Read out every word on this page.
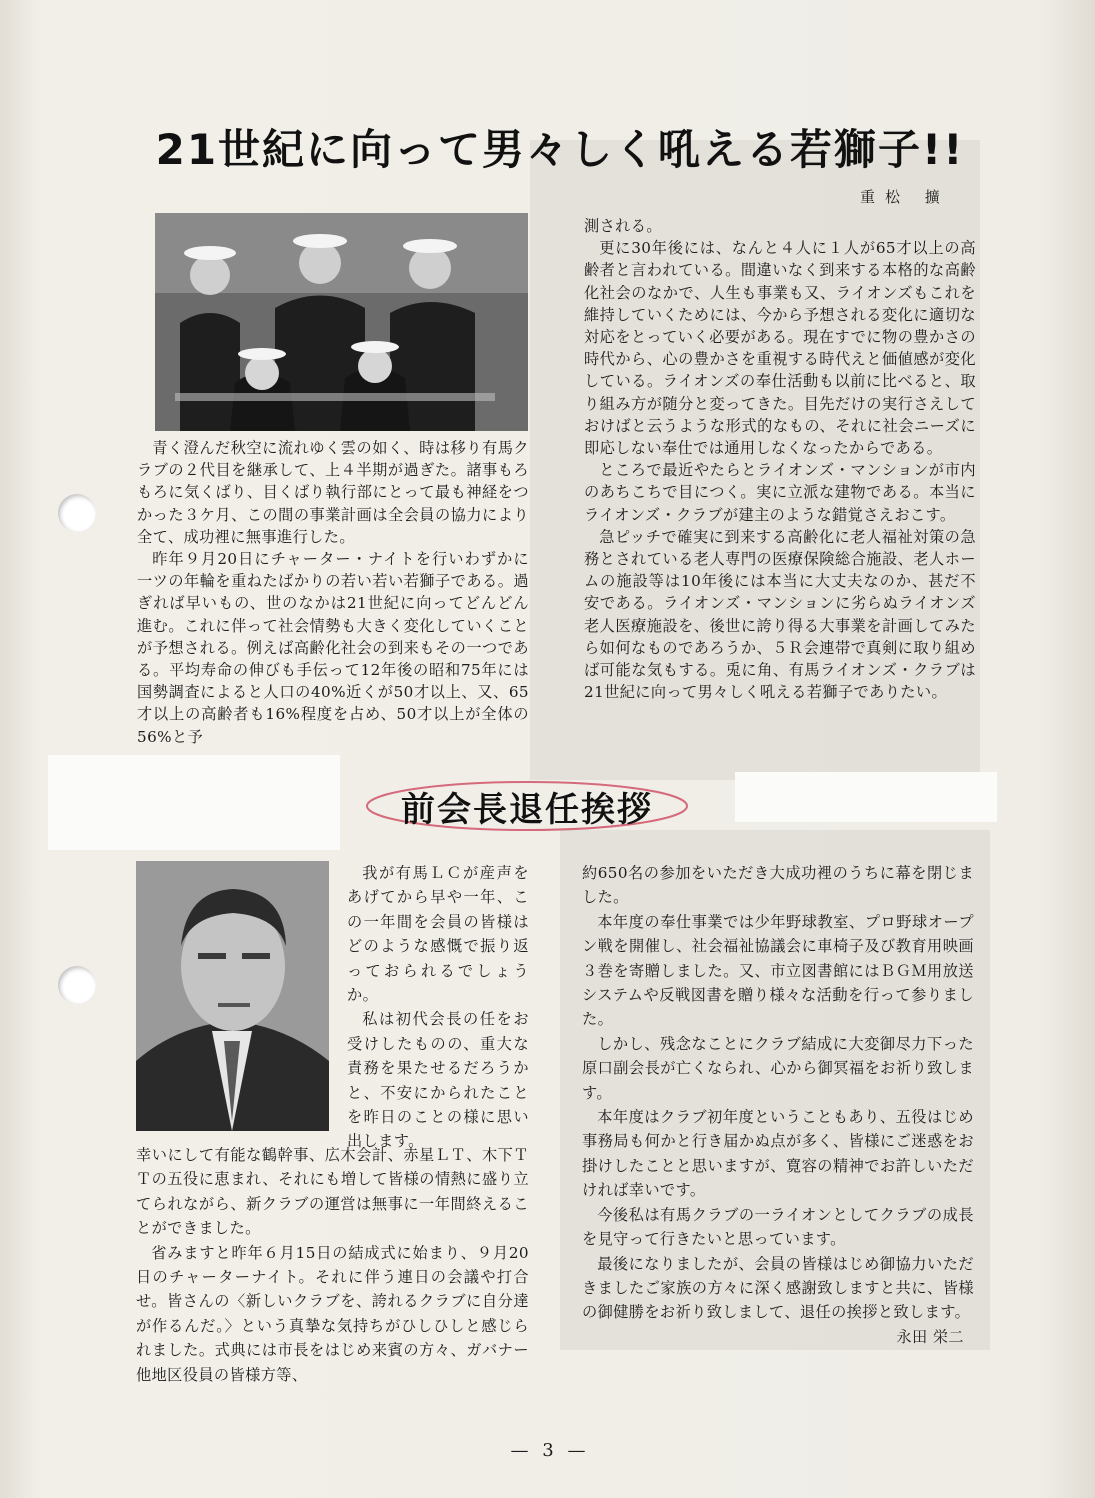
21世紀に向って男々しく吼える若獅子!!
重松 擴

青く澄んだ秋空に流れゆく雲の如く、時は移り有馬クラブの２代目を継承して、上４半期が過ぎた。諸事もろもろに気くばり、目くばり執行部にとって最も神経をつかった３ケ月、この間の事業計画は全会員の協力により全て、成功裡に無事進行した。

昨年９月20日にチャーター・ナイトを行いわずかに一ツの年輪を重ねたばかりの若い若い若獅子である。過ぎれば早いもの、世のなかは21世紀に向ってどんどん進む。これに伴って社会情勢も大きく変化していくことが予想される。例えば高齢化社会の到来もその一つである。平均寿命の伸びも手伝って12年後の昭和75年には国勢調査によると人口の40%近くが50才以上、又、65才以上の高齢者も16%程度を占め、50才以上が全体の56%と予

測される。

更に30年後には、なんと４人に１人が65才以上の高齢者と言われている。間違いなく到来する本格的な高齢化社会のなかで、人生も事業も又、ライオンズもこれを維持していくためには、今から予想される変化に適切な対応をとっていく必要がある。現在すでに物の豊かさの時代から、心の豊かさを重視する時代えと価値感が変化している。ライオンズの奉仕活動も以前に比べると、取り組み方が随分と変ってきた。目先だけの実行さえしておけばと云うような形式的なもの、それに社会ニーズに即応しない奉仕では通用しなくなったからである。

ところで最近やたらとライオンズ・マンションが市内のあちこちで目につく。実に立派な建物である。本当にライオンズ・クラブが建主のような錯覚さえおこす。

急ピッチで確実に到来する高齢化に老人福祉対策の急務とされている老人専門の医療保険総合施設、老人ホームの施設等は10年後には本当に大丈夫なのか、甚だ不安である。ライオンズ・マンションに劣らぬライオンズ老人医療施設を、後世に誇り得る大事業を計画してみたら如何なものであろうか、５Ｒ会連帯で真剣に取り組めば可能な気もする。兎に角、有馬ライオンズ・クラブは21世紀に向って男々しく吼える若獅子でありたい。

前会長退任挨拶

我が有馬ＬＣが産声をあげてから早や一年、この一年間を会員の皆様はどのような感慨で振り返っておられるでしょうか。

私は初代会長の任をお受けしたものの、重大な責務を果たせるだろうかと、不安にかられたことを昨日のことの様に思い出します。

幸いにして有能な鶴幹事、広木会計、赤星ＬＴ、木下ＴＴの五役に恵まれ、それにも増して皆様の情熱に盛り立てられながら、新クラブの運営は無事に一年間終えることができました。

省みますと昨年６月15日の結成式に始まり、９月20日のチャーターナイト。それに伴う連日の会議や打合せ。皆さんの〈新しいクラブを、誇れるクラブに自分達が作るんだ。〉という真摯な気持ちがひしひしと感じられました。式典には市長をはじめ来賓の方々、ガバナー他地区役員の皆様方等、

約650名の参加をいただき大成功裡のうちに幕を閉じました。

本年度の奉仕事業では少年野球教室、プロ野球オープン戦を開催し、社会福祉協議会に車椅子及び教育用映画３巻を寄贈しました。又、市立図書館にはＢＧＭ用放送システムや反戦図書を贈り様々な活動を行って参りました。

しかし、残念なことにクラブ結成に大変御尽力下った原口副会長が亡くなられ、心から御冥福をお祈り致します。

本年度はクラブ初年度ということもあり、五役はじめ事務局も何かと行き届かぬ点が多く、皆様にご迷惑をお掛けしたことと思いますが、寛容の精神でお許しいただければ幸いです。

今後私は有馬クラブの一ライオンとしてクラブの成長を見守って行きたいと思っています。

最後になりましたが、会員の皆様はじめ御協力いただきましたご家族の方々に深く感謝致しますと共に、皆様の御健勝をお祈り致しまして、退任の挨拶と致します。

永田 栄二

— 3 —
